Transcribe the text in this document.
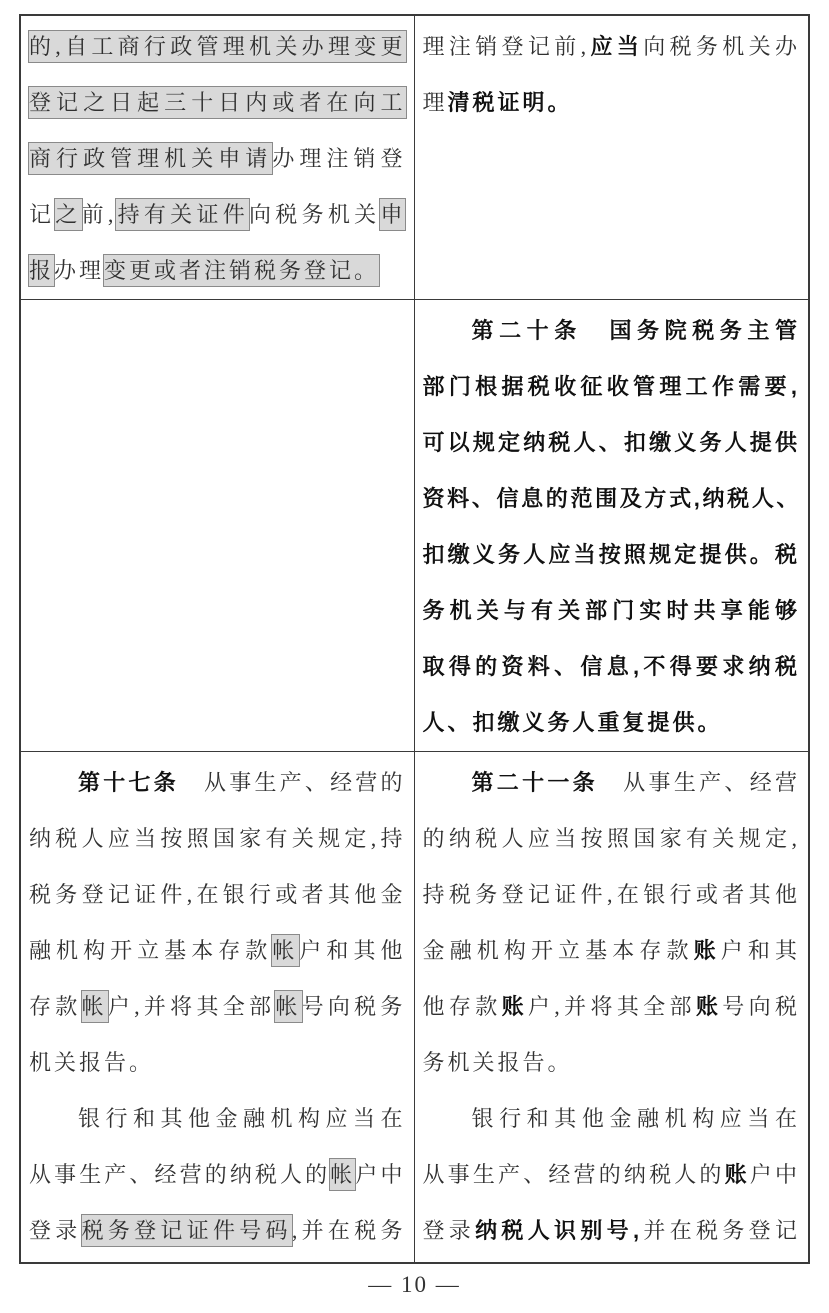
的,自工商行政管理机关办理变更
登记之日起三十日内或者在向工
商行政管理机关申请办理注销登
记之前,持有关证件向税务机关申
报办理变更或者注销税务登记。
理注销登记前,应当向税务机关办
理清税证明。
第二十条　国务院税务主管
部门根据税收征收管理工作需要,
可以规定纳税人、扣缴义务人提供
资料、信息的范围及方式,纳税人、
扣缴义务人应当按照规定提供。税
务机关与有关部门实时共享能够
取得的资料、信息,不得要求纳税
人、扣缴义务人重复提供。
第十七条　从事生产、经营的
纳税人应当按照国家有关规定,持
税务登记证件,在银行或者其他金
融机构开立基本存款帐户和其他
存款帐户,并将其全部帐号向税务
机关报告。
银行和其他金融机构应当在
从事生产、经营的纳税人的帐户中
登录税务登记证件号码,并在税务
第二十一条　从事生产、经营
的纳税人应当按照国家有关规定,
持税务登记证件,在银行或者其他
金融机构开立基本存款账户和其
他存款账户,并将其全部账号向税
务机关报告。
银行和其他金融机构应当在
从事生产、经营的纳税人的账户中
登录纳税人识别号,并在税务登记
— 10 —
